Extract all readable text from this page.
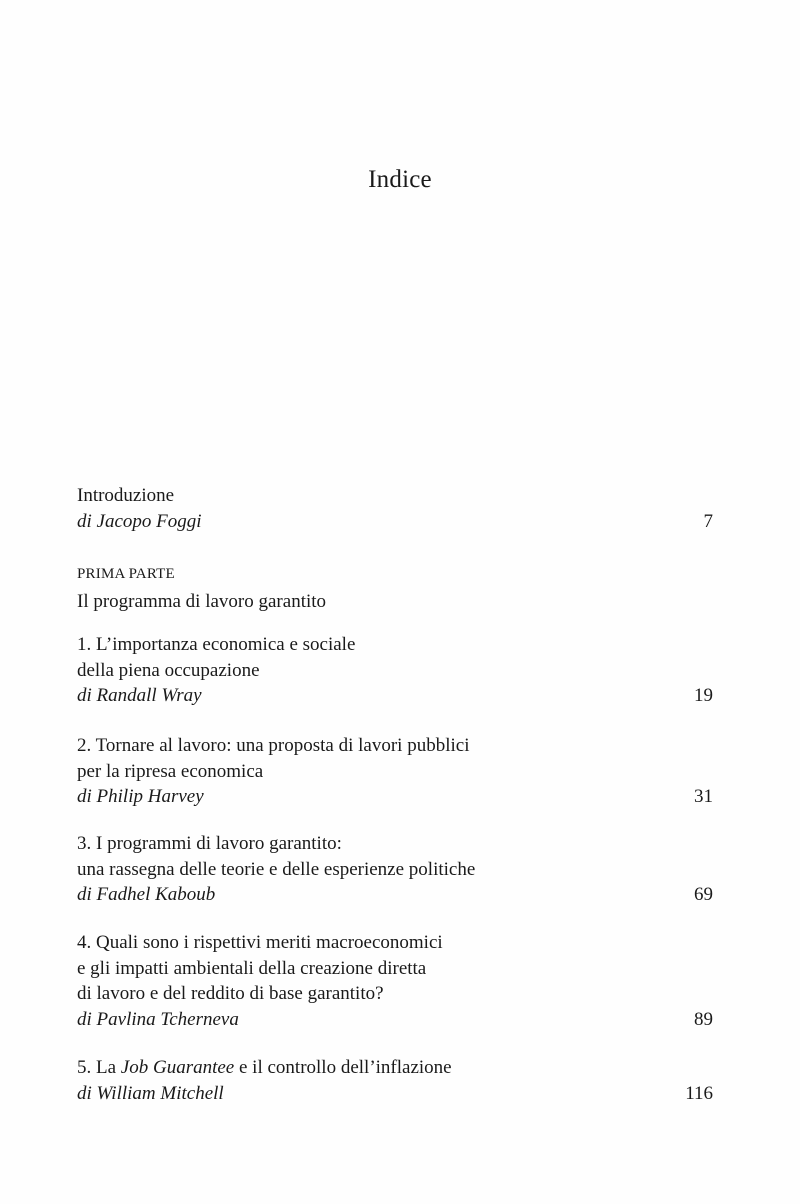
Indice
Introduzione
di Jacopo Foggi	7
PRIMA PARTE
Il programma di lavoro garantito
1. L’importanza economica e sociale
della piena occupazione
di Randall Wray	19
2. Tornare al lavoro: una proposta di lavori pubblici
per la ripresa economica
di Philip Harvey	31
3. I programmi di lavoro garantito:
una rassegna delle teorie e delle esperienze politiche
di Fadhel Kaboub	69
4. Quali sono i rispettivi meriti macroeconomici
e gli impatti ambientali della creazione diretta
di lavoro e del reddito di base garantito?
di Pavlina Tcherneva	89
5. La Job Guarantee e il controllo dell’inflazione
di William Mitchell	116
